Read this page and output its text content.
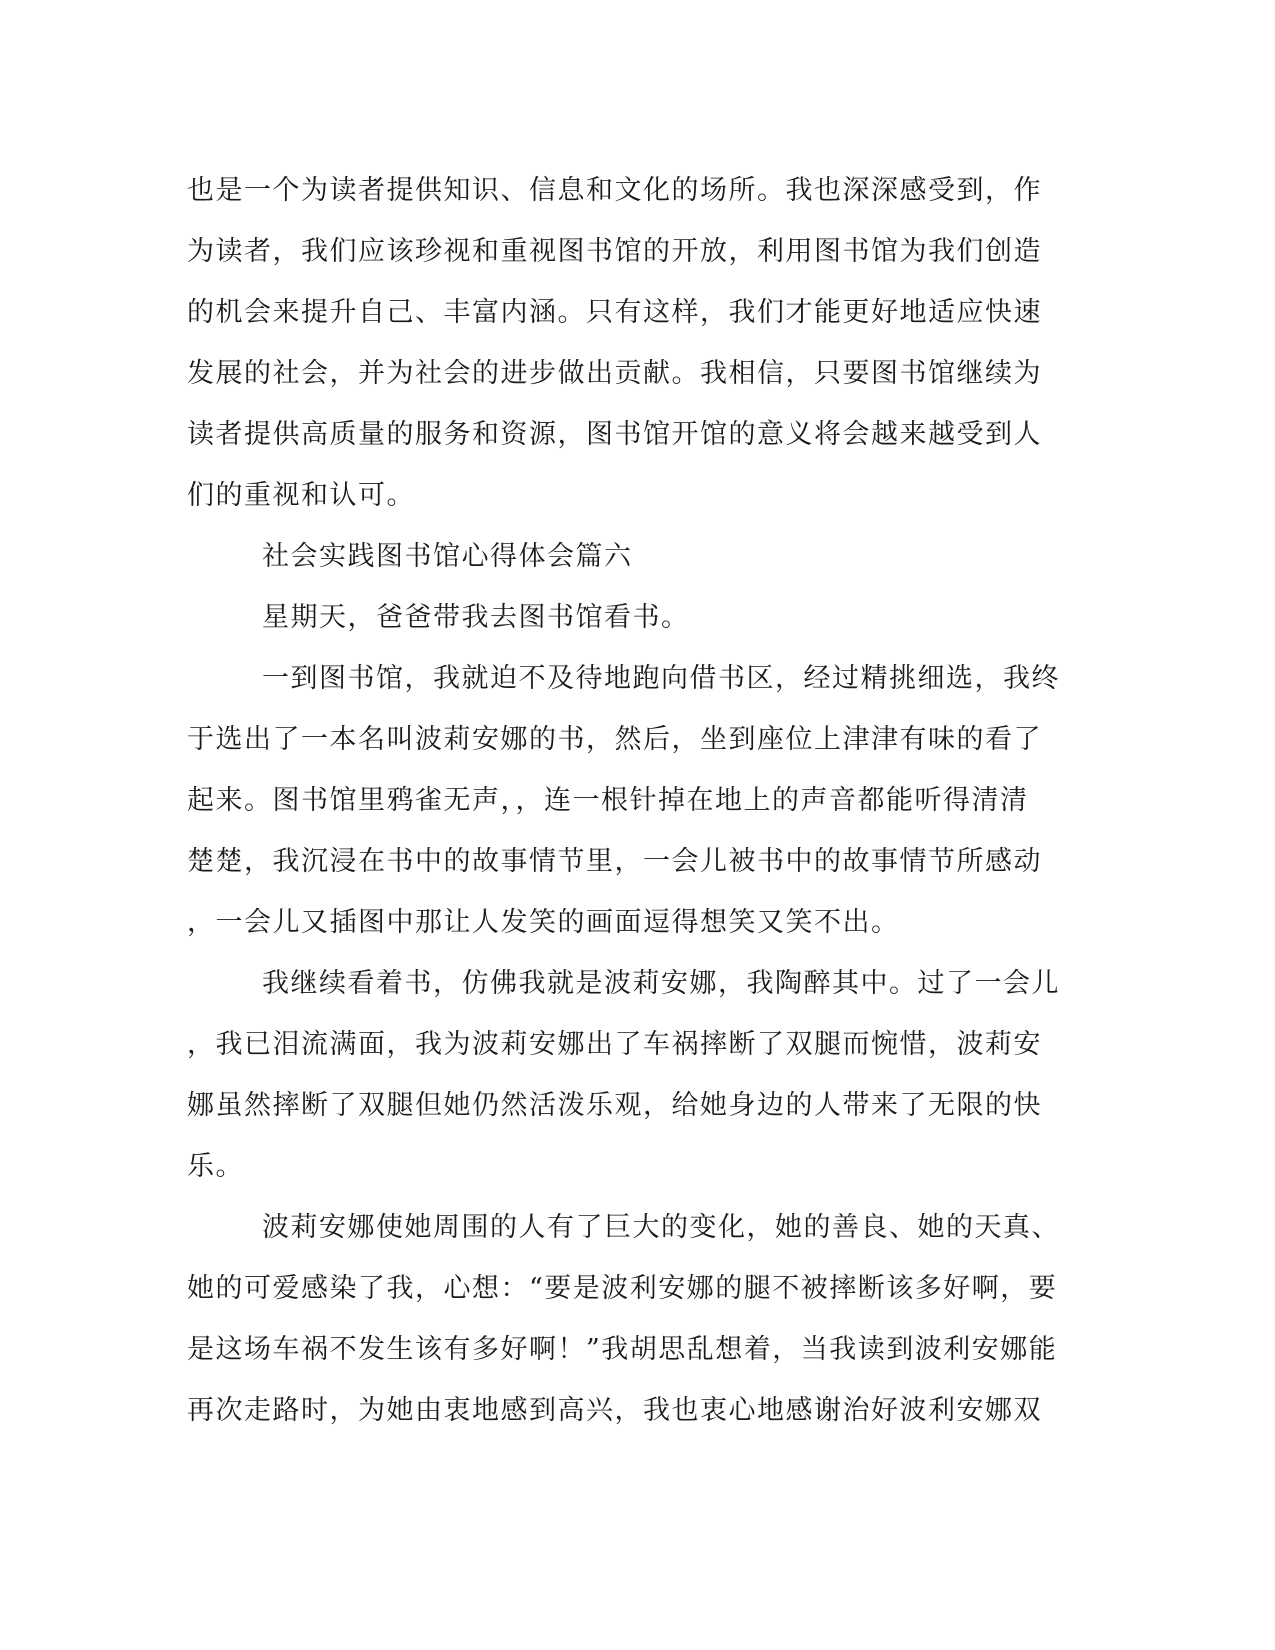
也是一个为读者提供知识、信息和文化的场所。我也深深感受到，作
为读者，我们应该珍视和重视图书馆的开放，利用图书馆为我们创造
的机会来提升自己、丰富内涵。只有这样，我们才能更好地适应快速
发展的社会，并为社会的进步做出贡献。我相信，只要图书馆继续为
读者提供高质量的服务和资源，图书馆开馆的意义将会越来越受到人
们的重视和认可。
社会实践图书馆心得体会篇六
星期天，爸爸带我去图书馆看书。
一到图书馆，我就迫不及待地跑向借书区，经过精挑细选，我终
于选出了一本名叫波莉安娜的书，然后，坐到座位上津津有味的看了
起来。图书馆里鸦雀无声，，连一根针掉在地上的声音都能听得清清
楚楚，我沉浸在书中的故事情节里，一会儿被书中的故事情节所感动
，一会儿又插图中那让人发笑的画面逗得想笑又笑不出。
我继续看着书，仿佛我就是波莉安娜，我陶醉其中。过了一会儿
，我已泪流满面，我为波莉安娜出了车祸摔断了双腿而惋惜，波莉安
娜虽然摔断了双腿但她仍然活泼乐观，给她身边的人带来了无限的快
乐。
波莉安娜使她周围的人有了巨大的变化，她的善良、她的天真、
她的可爱感染了我，心想：“要是波利安娜的腿不被摔断该多好啊，要
是这场车祸不发生该有多好啊！”我胡思乱想着，当我读到波利安娜能
再次走路时，为她由衷地感到高兴，我也衷心地感谢治好波利安娜双
